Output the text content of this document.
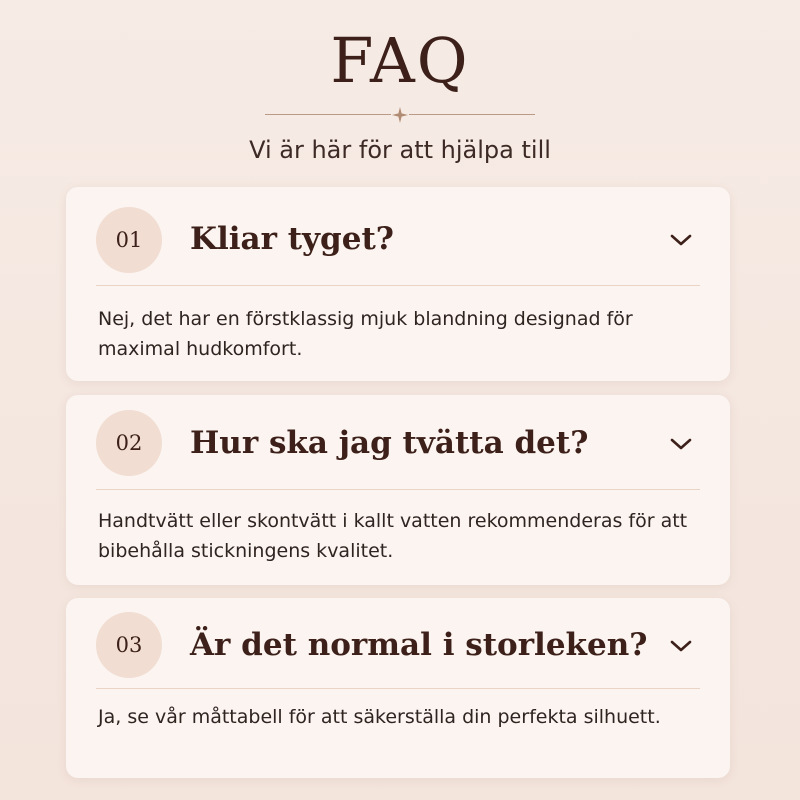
FAQ
Vi är här för att hjälpa till
01	Kliar tyget?
Nej, det har en förstklassig mjuk blandning designad för maximal hudkomfort.
02	Hur ska jag tvätta det?
Handtvätt eller skontvätt i kallt vatten rekommenderas för att bibehålla stickningens kvalitet.
03	Är det normal i storleken?
Ja, se vår måttabell för att säkerställa din perfekta silhuett.
